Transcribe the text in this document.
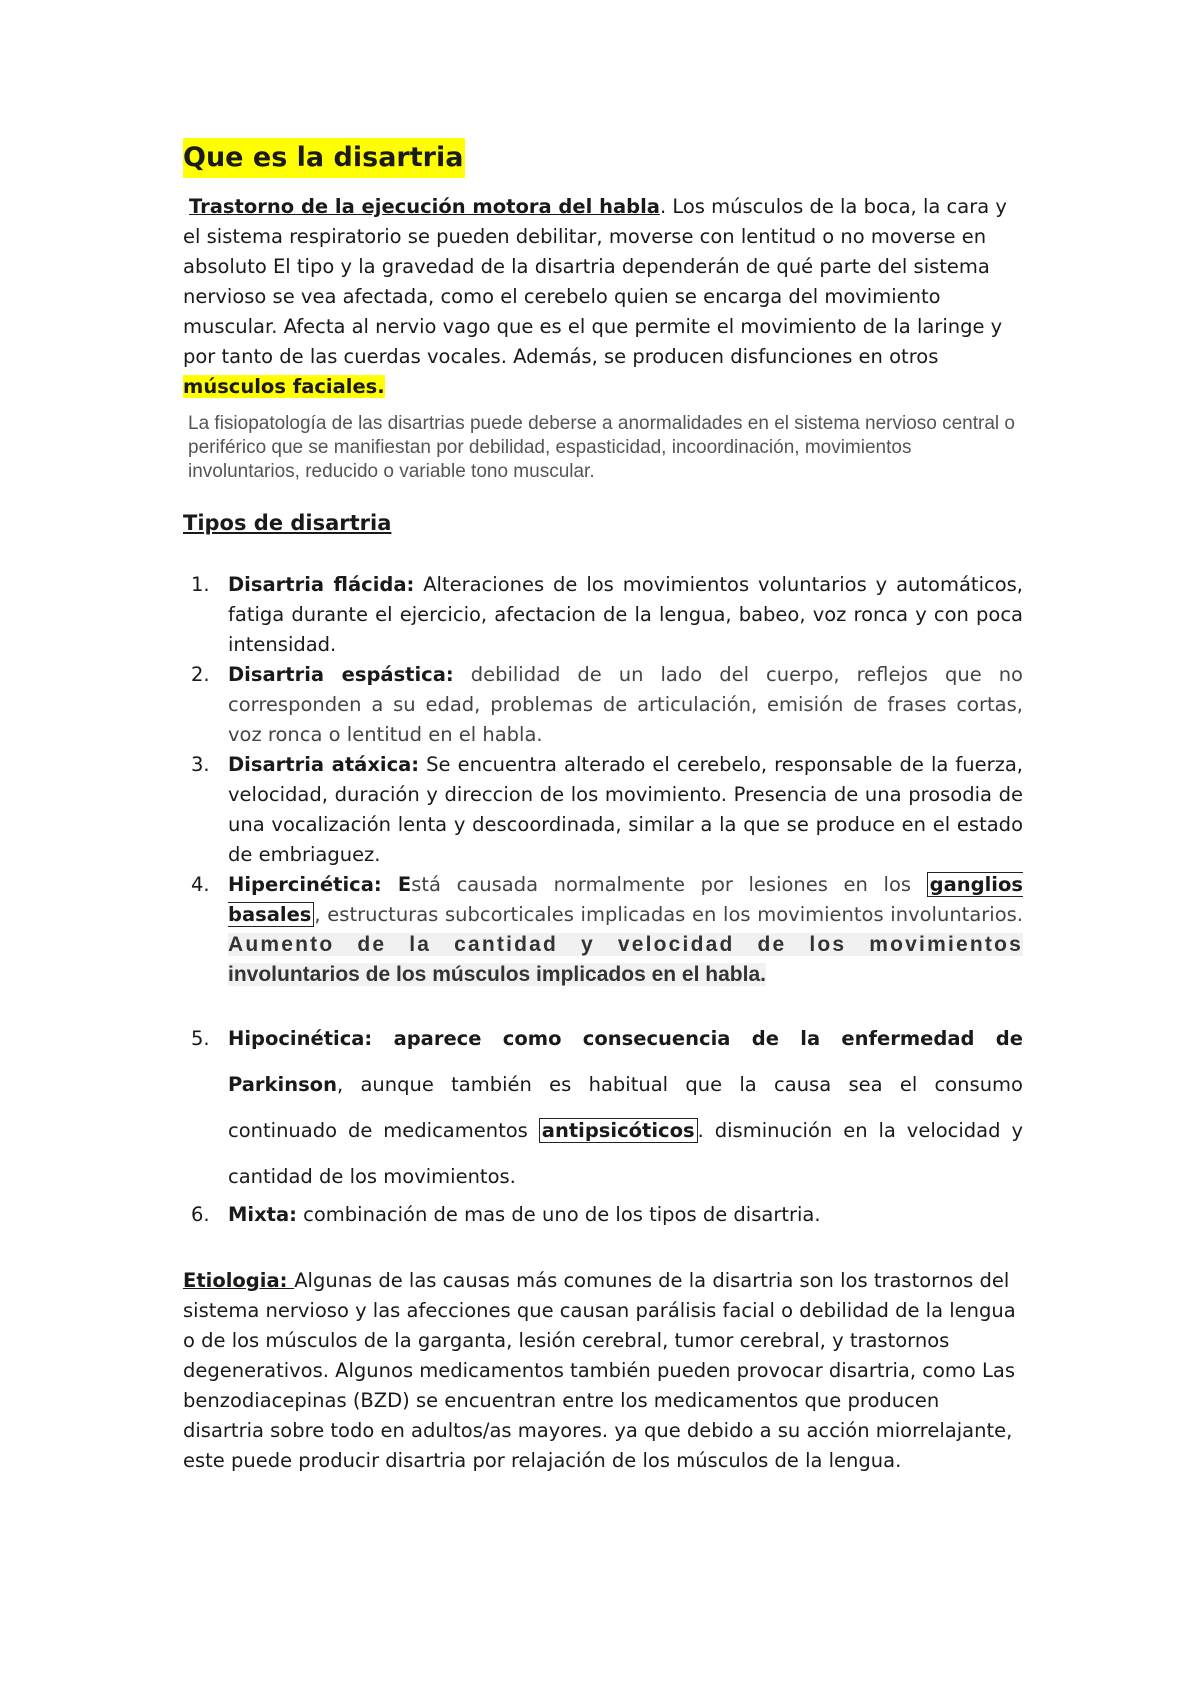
Que es la disartria

Trastorno de la ejecución motora del habla. Los músculos de la boca, la cara y el sistema respiratorio se pueden debilitar, moverse con lentitud o no moverse en absoluto El tipo y la gravedad de la disartria dependerán de qué parte del sistema nervioso se vea afectada, como el cerebelo quien se encarga del movimiento muscular. Afecta al nervio vago que es el que permite el movimiento de la laringe y por tanto de las cuerdas vocales. Además, se producen disfunciones en otros músculos faciales.

La fisiopatología de las disartrias puede deberse a anormalidades en el sistema nervioso central o periférico que se manifiestan por debilidad, espasticidad, incoordinación, movimientos involuntarios, reducido o variable tono muscular.

Tipos de disartria
1. Disartria flácida: Alteraciones de los movimientos voluntarios y automáticos, fatiga durante el ejercicio, afectacion de la lengua, babeo, voz ronca y con poca intensidad.
2. Disartria espástica: debilidad de un lado del cuerpo, reflejos que no corresponden a su edad, problemas de articulación, emisión de frases cortas, voz ronca o lentitud en el habla.
3. Disartria atáxica: Se encuentra alterado el cerebelo, responsable de la fuerza, velocidad, duración y direccion de los movimiento. Presencia de una prosodia de una vocalización lenta y descoordinada, similar a la que se produce en el estado de embriaguez.
4. Hipercinética: Está causada normalmente por lesiones en los ganglios basales , estructuras subcorticales implicadas en los movimientos involuntarios. Aumento de la cantidad y velocidad de los movimientos involuntarios de los músculos implicados en el habla.
5. Hipocinética: aparece como consecuencia de la enfermedad de Parkinson, aunque también es habitual que la causa sea el consumo continuado de medicamentos antipsicóticos . disminución en la velocidad y cantidad de los movimientos.
6. Mixta: combinación de mas de uno de los tipos de disartria.

Etiologia: Algunas de las causas más comunes de la disartria son los trastornos del sistema nervioso y las afecciones que causan parálisis facial o debilidad de la lengua o de los músculos de la garganta, lesión cerebral, tumor cerebral, y trastornos degenerativos. Algunos medicamentos también pueden provocar disartria, como Las benzodiacepinas (BZD) se encuentran entre los medicamentos que producen disartria sobre todo en adultos/as mayores. ya que debido a su acción miorrelajante, este puede producir disartria por relajación de los músculos de la lengua.
